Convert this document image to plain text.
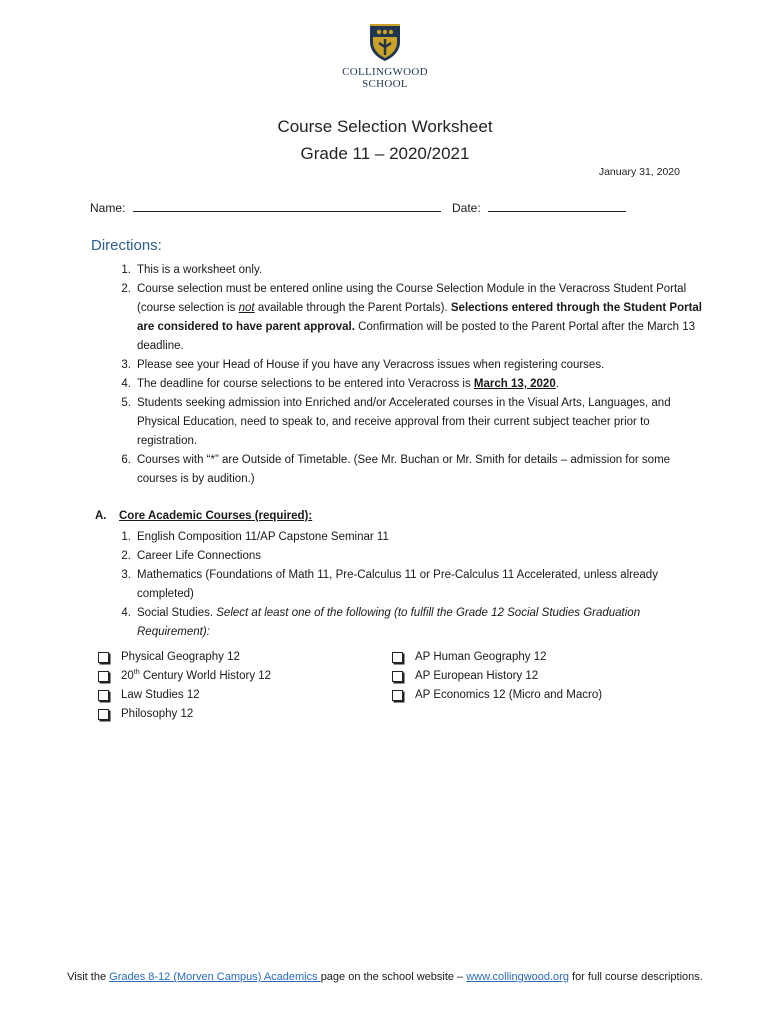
COLLINGWOOD
SCHOOL
Course Selection Worksheet
Grade 11 – 2020/2021
January 31, 2020
Name:	Date:
Directions:
1. This is a worksheet only.
2. Course selection must be entered online using the Course Selection Module in the Veracross Student Portal (course selection is not available through the Parent Portals). Selections entered through the Student Portal are considered to have parent approval. Confirmation will be posted to the Parent Portal after the March 13 deadline.
3. Please see your Head of House if you have any Veracross issues when registering courses.
4. The deadline for course selections to be entered into Veracross is March 13, 2020.
5. Students seeking admission into Enriched and/or Accelerated courses in the Visual Arts, Languages, and Physical Education, need to speak to, and receive approval from their current subject teacher prior to registration.
6. Courses with “*” are Outside of Timetable. (See Mr. Buchan or Mr. Smith for details – admission for some courses is by audition.)
A. Core Academic Courses (required):
1. English Composition 11/AP Capstone Seminar 11
2. Career Life Connections
3. Mathematics (Foundations of Math 11, Pre-Calculus 11 or Pre-Calculus 11 Accelerated, unless already completed)
4. Social Studies. Select at least one of the following (to fulfill the Grade 12 Social Studies Graduation Requirement):
Physical Geography 12
20th Century World History 12
Law Studies 12
Philosophy 12
AP Human Geography 12
AP European History 12
AP Economics 12 (Micro and Macro)
Visit the Grades 8-12 (Morven Campus) Academics page on the school website – www.collingwood.org for full course descriptions.
